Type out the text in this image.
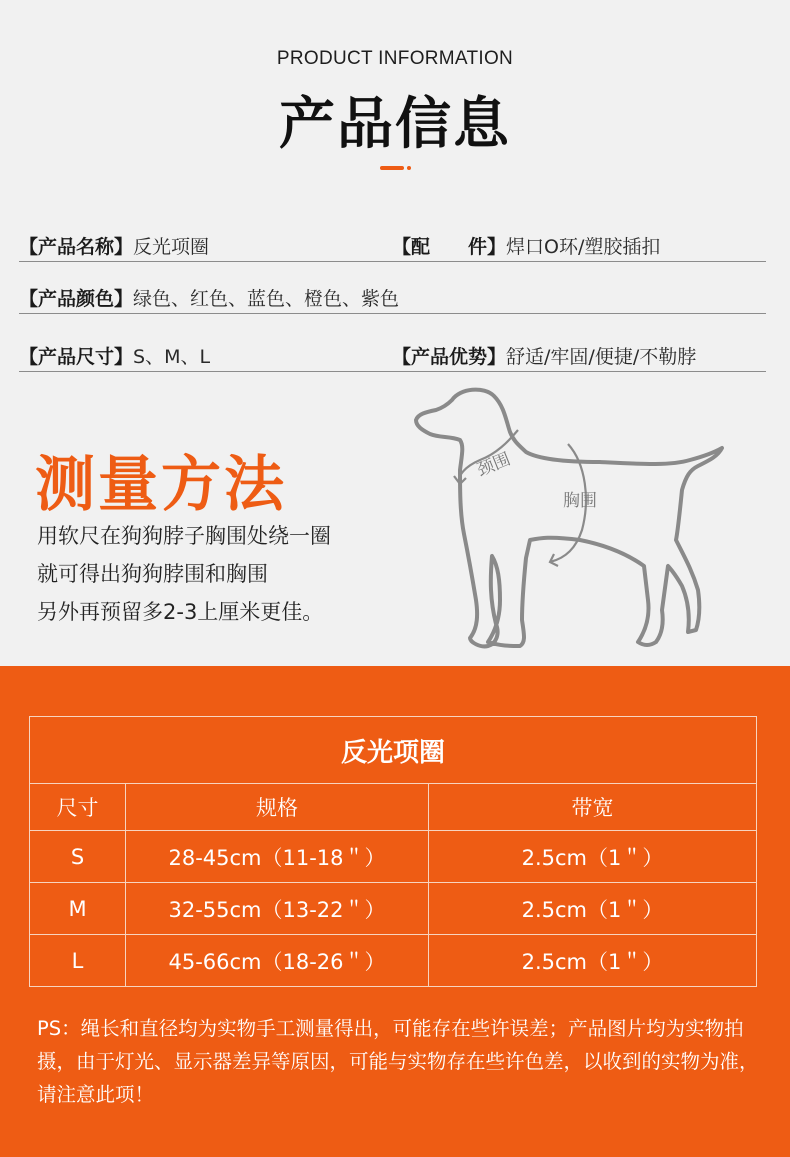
PRODUCT INFORMATION
产品信息
【产品名称】反光项圈	【配　　件】焊口O环/塑胶插扣
【产品颜色】绿色、红色、蓝色、橙色、紫色
【产品尺寸】S、M、L	【产品优势】舒适/牢固/便捷/不勒脖
测量方法
用软尺在狗狗脖子胸围处绕一圈
就可得出狗狗脖围和胸围
另外再预留多2-3上厘米更佳。
颈围
胸围
反光项圈		
尺寸	规格	带宽
S	28-45cm（11-18＂）	2.5cm（1＂）
M	32-55cm（13-22＂）	2.5cm（1＂）
L	45-66cm（18-26＂）	2.5cm（1＂）
PS：绳长和直径均为实物手工测量得出，可能存在些许误差；产品图片均为实物拍摄，由于灯光、显示器差异等原因，可能与实物存在些许色差，以收到的实物为准，请注意此项！
